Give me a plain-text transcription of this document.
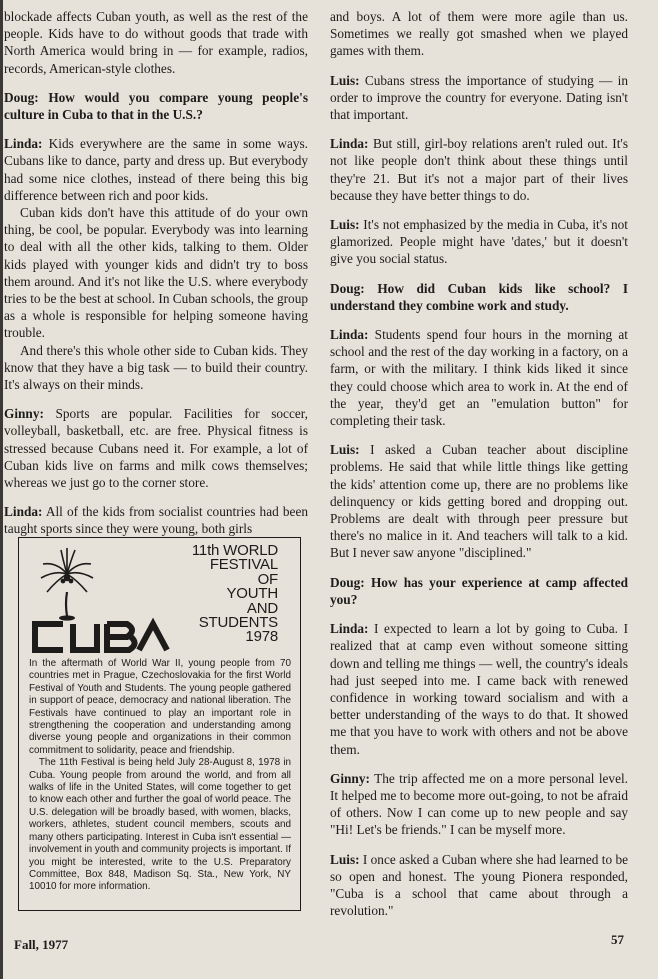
blockade affects Cuban youth, as well as the rest of the people. Kids have to do without goods that trade with North America would bring in — for example, radios, records, American-style clothes.

Doug: How would you compare young people's culture in Cuba to that in the U.S.?

Linda: Kids everywhere are the same in some ways. Cubans like to dance, party and dress up. But everybody had some nice clothes, instead of there being this big difference between rich and poor kids.

Cuban kids don't have this attitude of do your own thing, be cool, be popular. Everybody was into learning to deal with all the other kids, talking to them. Older kids played with younger kids and didn't try to boss them around. And it's not like the U.S. where everybody tries to be the best at school. In Cuban schools, the group as a whole is responsible for helping someone having trouble.

And there's this whole other side to Cuban kids. They know that they have a big task — to build their country. It's always on their minds.

Ginny: Sports are popular. Facilities for soccer, volleyball, basketball, etc. are free. Physical fitness is stressed because Cubans need it. For example, a lot of Cuban kids live on farms and milk cows themselves; whereas we just go to the corner store.

Linda: All of the kids from socialist countries had been taught sports since they were young, both girls

11th WORLD
FESTIVAL
OF
YOUTH
AND
STUDENTS
1978

In the aftermath of World War II, young people from 70 countries met in Prague, Czechoslovakia for the first World Festival of Youth and Students. The young people gathered in support of peace, democracy and national liberation. The Festivals have continued to play an important role in strengthening the cooperation and understanding among diverse young people and organizations in their common commitment to solidarity, peace and friendship.

The 11th Festival is being held July 28-August 8, 1978 in Cuba. Young people from around the world, and from all walks of life in the United States, will come together to get to know each other and further the goal of world peace. The U.S. delegation will be broadly based, with women, blacks, workers, athletes, student council members, scouts and many others participating. Interest in Cuba isn't essential — involvement in youth and community projects is important. If you might be interested, write to the U.S. Preparatory Committee, Box 848, Madison Sq. Sta., New York, NY 10010 for more information.

and boys. A lot of them were more agile than us. Sometimes we really got smashed when we played games with them.

Luis: Cubans stress the importance of studying — in order to improve the country for everyone. Dating isn't that important.

Linda: But still, girl-boy relations aren't ruled out. It's not like people don't think about these things until they're 21. But it's not a major part of their lives because they have better things to do.

Luis: It's not emphasized by the media in Cuba, it's not glamorized. People might have 'dates,' but it doesn't give you social status.

Doug: How did Cuban kids like school? I understand they combine work and study.

Linda: Students spend four hours in the morning at school and the rest of the day working in a factory, on a farm, or with the military. I think kids liked it since they could choose which area to work in. At the end of the year, they'd get an "emulation button" for completing their task.

Luis: I asked a Cuban teacher about discipline problems. He said that while little things like getting the kids' attention come up, there are no problems like delinquency or kids getting bored and dropping out. Problems are dealt with through peer pressure but there's no malice in it. And teachers will talk to a kid. But I never saw anyone "disciplined."

Doug: How has your experience at camp affected you?

Linda: I expected to learn a lot by going to Cuba. I realized that at camp even without someone sitting down and telling me things — well, the country's ideals had just seeped into me. I came back with renewed confidence in working toward socialism and with a better understanding of the ways to do that. It showed me that you have to work with others and not be above them.

Ginny: The trip affected me on a more personal level. It helped me to become more out-going, to not be afraid of others. Now I can come up to new people and say "Hi! Let's be friends." I can be myself more.

Luis: I once asked a Cuban where she had learned to be so open and honest. The young Pionera responded, "Cuba is a school that came about through a revolution."

Fall, 1977	57
